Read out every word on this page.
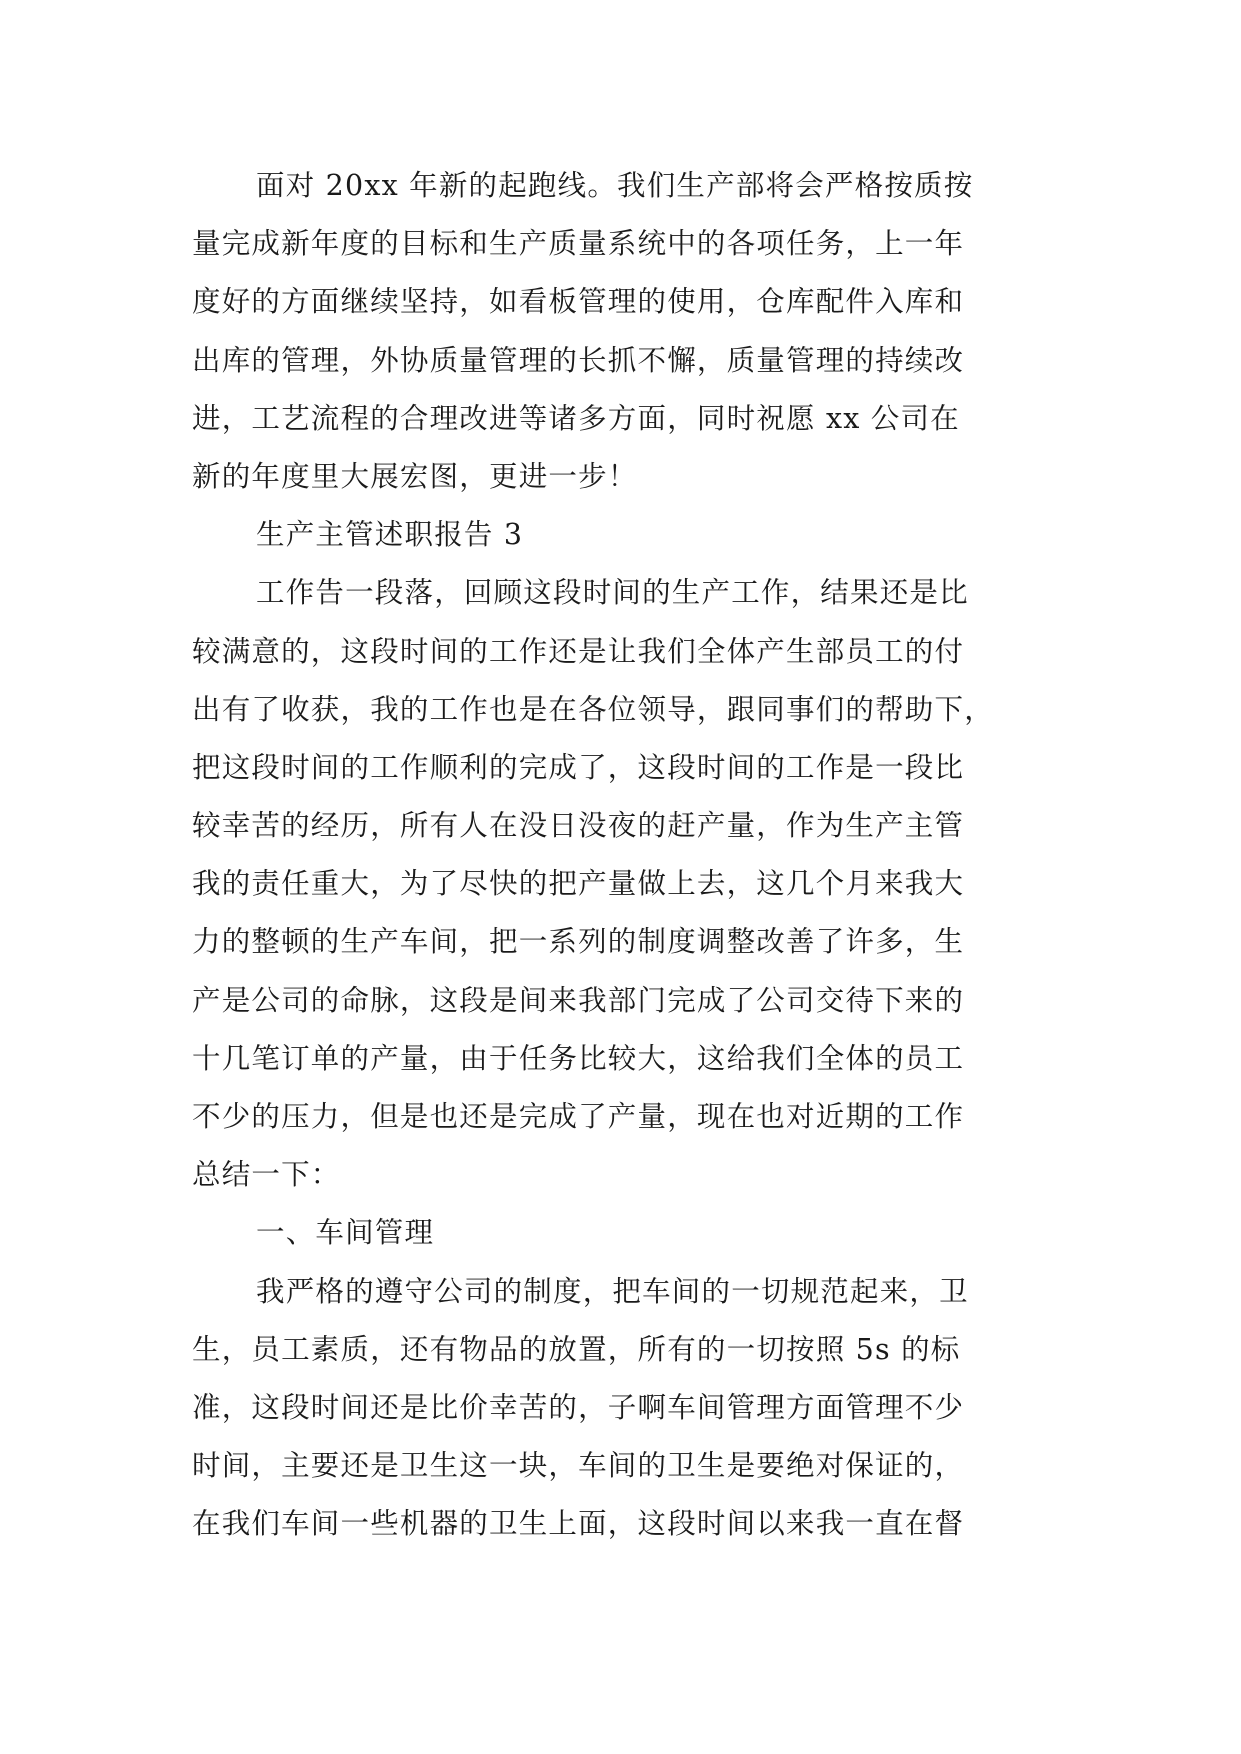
面对 20xx 年新的起跑线。我们生产部将会严格按质按
量完成新年度的目标和生产质量系统中的各项任务，上一年
度好的方面继续坚持，如看板管理的使用，仓库配件入库和
出库的管理，外协质量管理的长抓不懈，质量管理的持续改
进，工艺流程的合理改进等诸多方面，同时祝愿 xx 公司在
新的年度里大展宏图，更进一步！
生产主管述职报告 3
工作告一段落，回顾这段时间的生产工作，结果还是比
较满意的，这段时间的工作还是让我们全体产生部员工的付
出有了收获，我的工作也是在各位领导，跟同事们的帮助下，
把这段时间的工作顺利的完成了，这段时间的工作是一段比
较幸苦的经历，所有人在没日没夜的赶产量，作为生产主管
我的责任重大，为了尽快的把产量做上去，这几个月来我大
力的整顿的生产车间，把一系列的制度调整改善了许多，生
产是公司的命脉，这段是间来我部门完成了公司交待下来的
十几笔订单的产量，由于任务比较大，这给我们全体的员工
不少的压力，但是也还是完成了产量，现在也对近期的工作
总结一下：
一、车间管理
我严格的遵守公司的制度，把车间的一切规范起来，卫
生，员工素质，还有物品的放置，所有的一切按照 5s 的标
准，这段时间还是比价幸苦的，子啊车间管理方面管理不少
时间，主要还是卫生这一块，车间的卫生是要绝对保证的，
在我们车间一些机器的卫生上面，这段时间以来我一直在督
